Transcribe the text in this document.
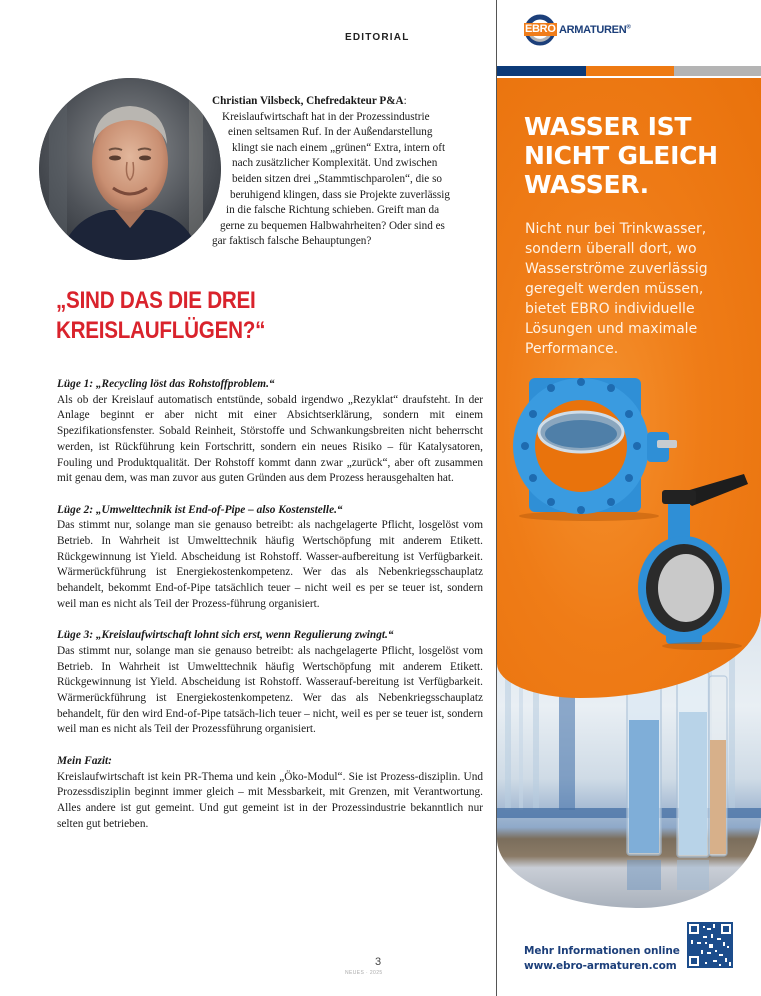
EDITORIAL
Christian Vilsbeck, Chefredakteur P&A:
Kreislaufwirtschaft hat in der Prozessindustrie
einen seltsamen Ruf. In der Außendarstellung
klingt sie nach einem „grünen“ Extra, intern oft
nach zusätzlicher Komplexität. Und zwischen
beiden sitzen drei „Stammtischparolen“, die so
beruhigend klingen, dass sie Projekte zuverlässig
in die falsche Richtung schieben. Greift man da
gerne zu bequemen Halbwahrheiten? Oder sind es
gar faktisch falsche Behauptungen?
„SIND DAS DIE DREI
KREISLAUFLÜGEN?“
Lüge 1: „Recycling löst das Rohstoffproblem.“
Als ob der Kreislauf automatisch entstünde, sobald irgendwo „Rezyklat“ draufsteht. In der Anlage beginnt er aber nicht mit einer Absichtserklärung, sondern mit einem Spezifikationsfenster. Sobald Reinheit, Störstoffe und Schwankungsbreiten nicht beherrscht werden, ist Rückführung kein Fortschritt, sondern ein neues Risiko – für Katalysatoren, Fouling und Produktqualität. Der Rohstoff kommt dann zwar „zurück“, aber oft zusammen mit genau dem, was man zuvor aus guten Gründen aus dem Prozess herausgehalten hat.
Lüge 2: „Umwelttechnik ist End-of-Pipe – also Kostenstelle.“
Das stimmt nur, solange man sie genauso betreibt: als nachgelagerte Pflicht, losgelöst vom Betrieb. In Wahrheit ist Umwelttechnik häufig Wertschöpfung mit anderem Etikett. Rückgewinnung ist Yield. Abscheidung ist Rohstoff. Wasser-aufbereitung ist Verfügbarkeit. Wärmerückführung ist Energiekostenkompetenz. Wer das als Nebenkriegsschauplatz behandelt, bekommt End-of-Pipe tatsächlich teuer – nicht weil es per se teuer ist, sondern weil man es nicht als Teil der Prozess-führung organisiert.
Lüge 3: „Kreislaufwirtschaft lohnt sich erst, wenn Regulierung zwingt.“
Das stimmt nur, solange man sie genauso betreibt: als nachgelagerte Pflicht, losgelöst vom Betrieb. In Wahrheit ist Umwelttechnik häufig Wertschöpfung mit anderem Etikett. Rückgewinnung ist Yield. Abscheidung ist Rohstoff. Wasserauf-bereitung ist Verfügbarkeit. Wärmerückführung ist Energiekostenkompetenz. Wer das als Nebenkriegsschauplatz behandelt, für den wird End-of-Pipe tatsäch-lich teuer – nicht, weil es per se teuer ist, sondern weil man es nicht als Teil der Prozessführung organisiert.
Mein Fazit:
Kreislaufwirtschaft ist kein PR-Thema und kein „Öko-Modul“. Sie ist Prozess-disziplin. Und Prozessdisziplin beginnt immer gleich – mit Messbarkeit, mit Grenzen, mit Verantwortung. Alles andere ist gut gemeint. Und gut gemeint ist in der Prozessindustrie bekanntlich nur selten gut betrieben.
3
NEUES · 2025
EBRO ARMATUREN®
WASSER IST
NICHT GLEICH
WASSER.
Nicht nur bei Trinkwasser,
sondern überall dort, wo
Wasserströme zuverlässig
geregelt werden müssen,
bietet EBRO individuelle
Lösungen und maximale
Performance.
Mehr Informationen online
www.ebro-armaturen.com
